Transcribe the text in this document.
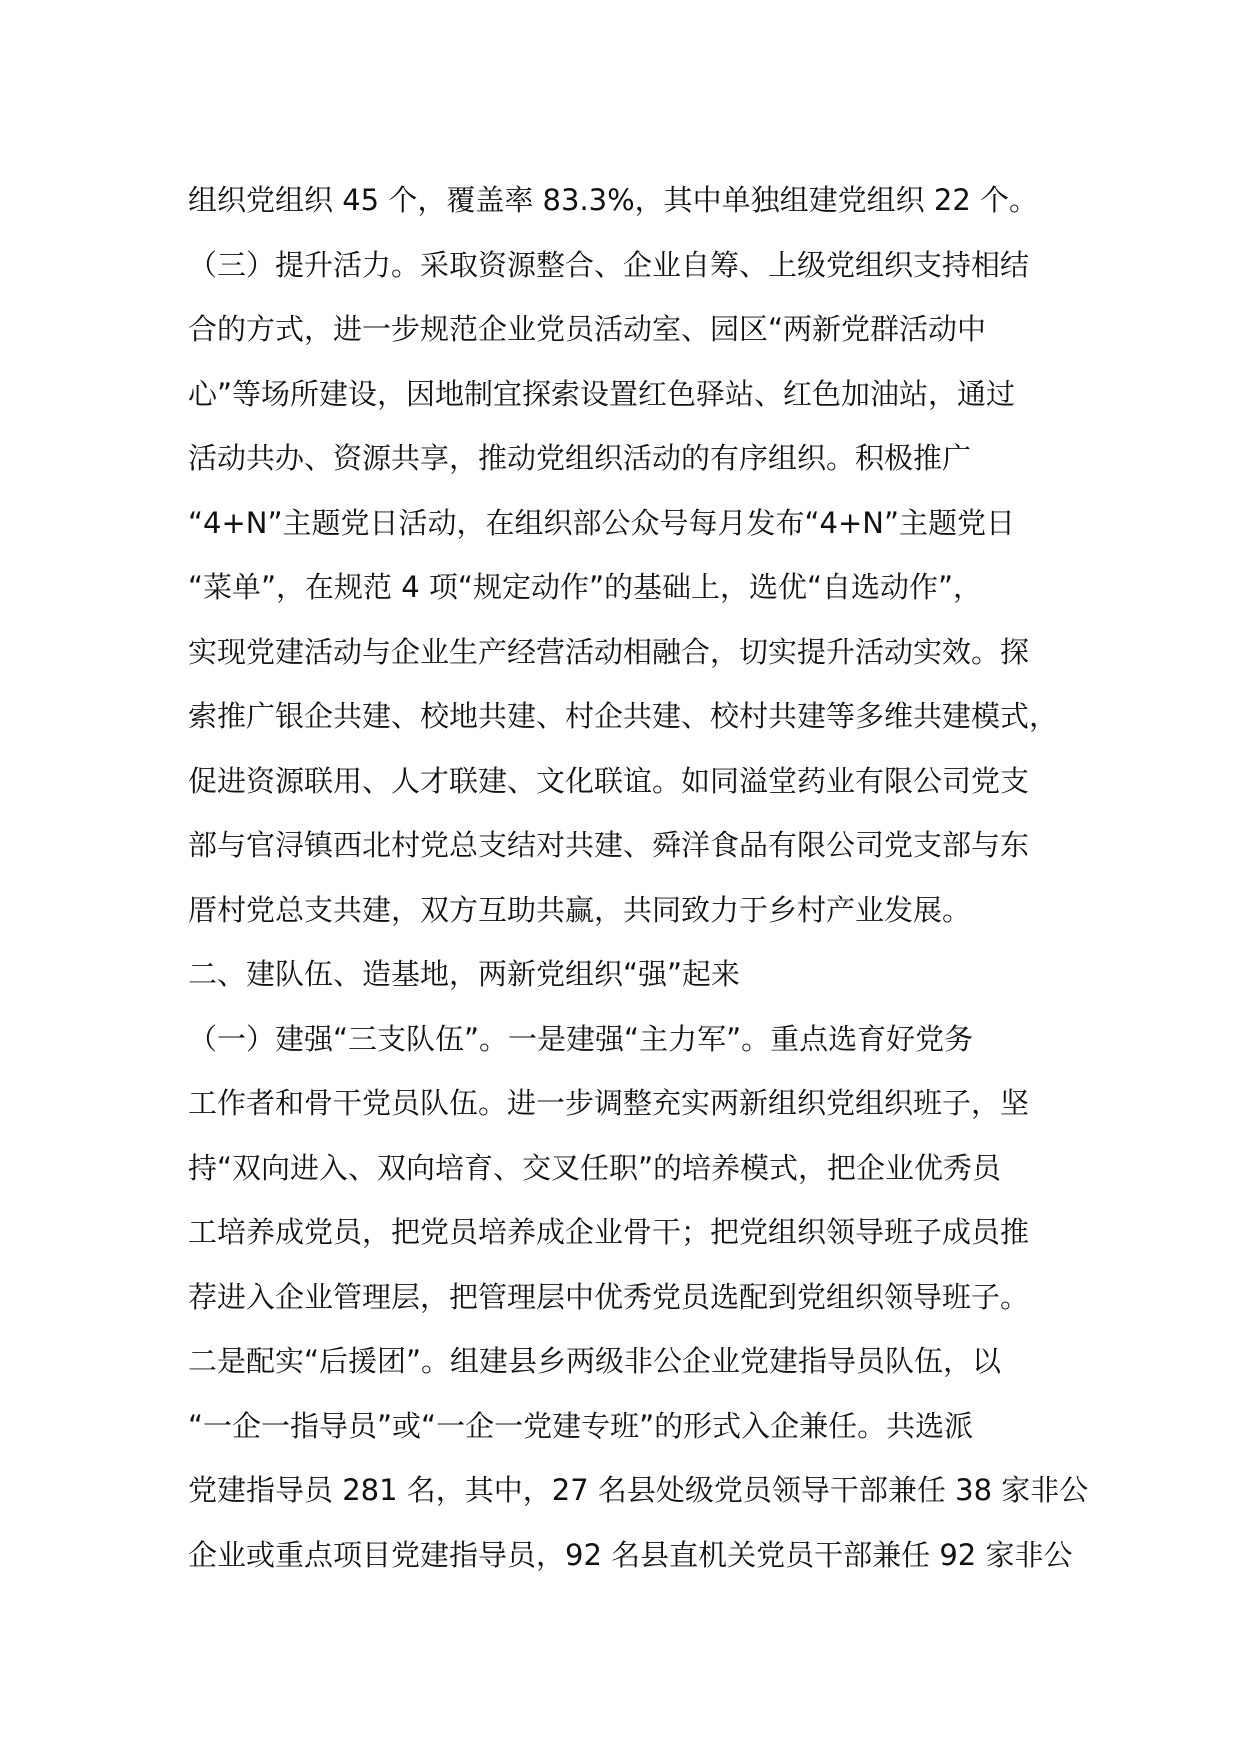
组织党组织 45 个，覆盖率 83.3%，其中单独组建党组织 22 个。
（三）提升活力。采取资源整合、企业自筹、上级党组织支持相结
合的方式，进一步规范企业党员活动室、园区“两新党群活动中
心”等场所建设，因地制宜探索设置红色驿站、红色加油站，通过
活动共办、资源共享，推动党组织活动的有序组织。积极推广
“4+N”主题党日活动，在组织部公众号每月发布“4+N”主题党日
“菜单”，在规范 4 项“规定动作”的基础上，选优“自选动作”，
实现党建活动与企业生产经营活动相融合，切实提升活动实效。探
索推广银企共建、校地共建、村企共建、校村共建等多维共建模式，
促进资源联用、人才联建、文化联谊。如同溢堂药业有限公司党支
部与官浔镇西北村党总支结对共建、舜洋食品有限公司党支部与东
厝村党总支共建，双方互助共赢，共同致力于乡村产业发展。
二、建队伍、造基地，两新党组织“强”起来
（一）建强“三支队伍”。一是建强“主力军”。重点选育好党务
工作者和骨干党员队伍。进一步调整充实两新组织党组织班子，坚
持“双向进入、双向培育、交叉任职”的培养模式，把企业优秀员
工培养成党员，把党员培养成企业骨干；把党组织领导班子成员推
荐进入企业管理层，把管理层中优秀党员选配到党组织领导班子。
二是配实“后援团”。组建县乡两级非公企业党建指导员队伍，以
“一企一指导员”或“一企一党建专班”的形式入企兼任。共选派
党建指导员 281 名，其中，27 名县处级党员领导干部兼任 38 家非公
企业或重点项目党建指导员，92 名县直机关党员干部兼任 92 家非公
